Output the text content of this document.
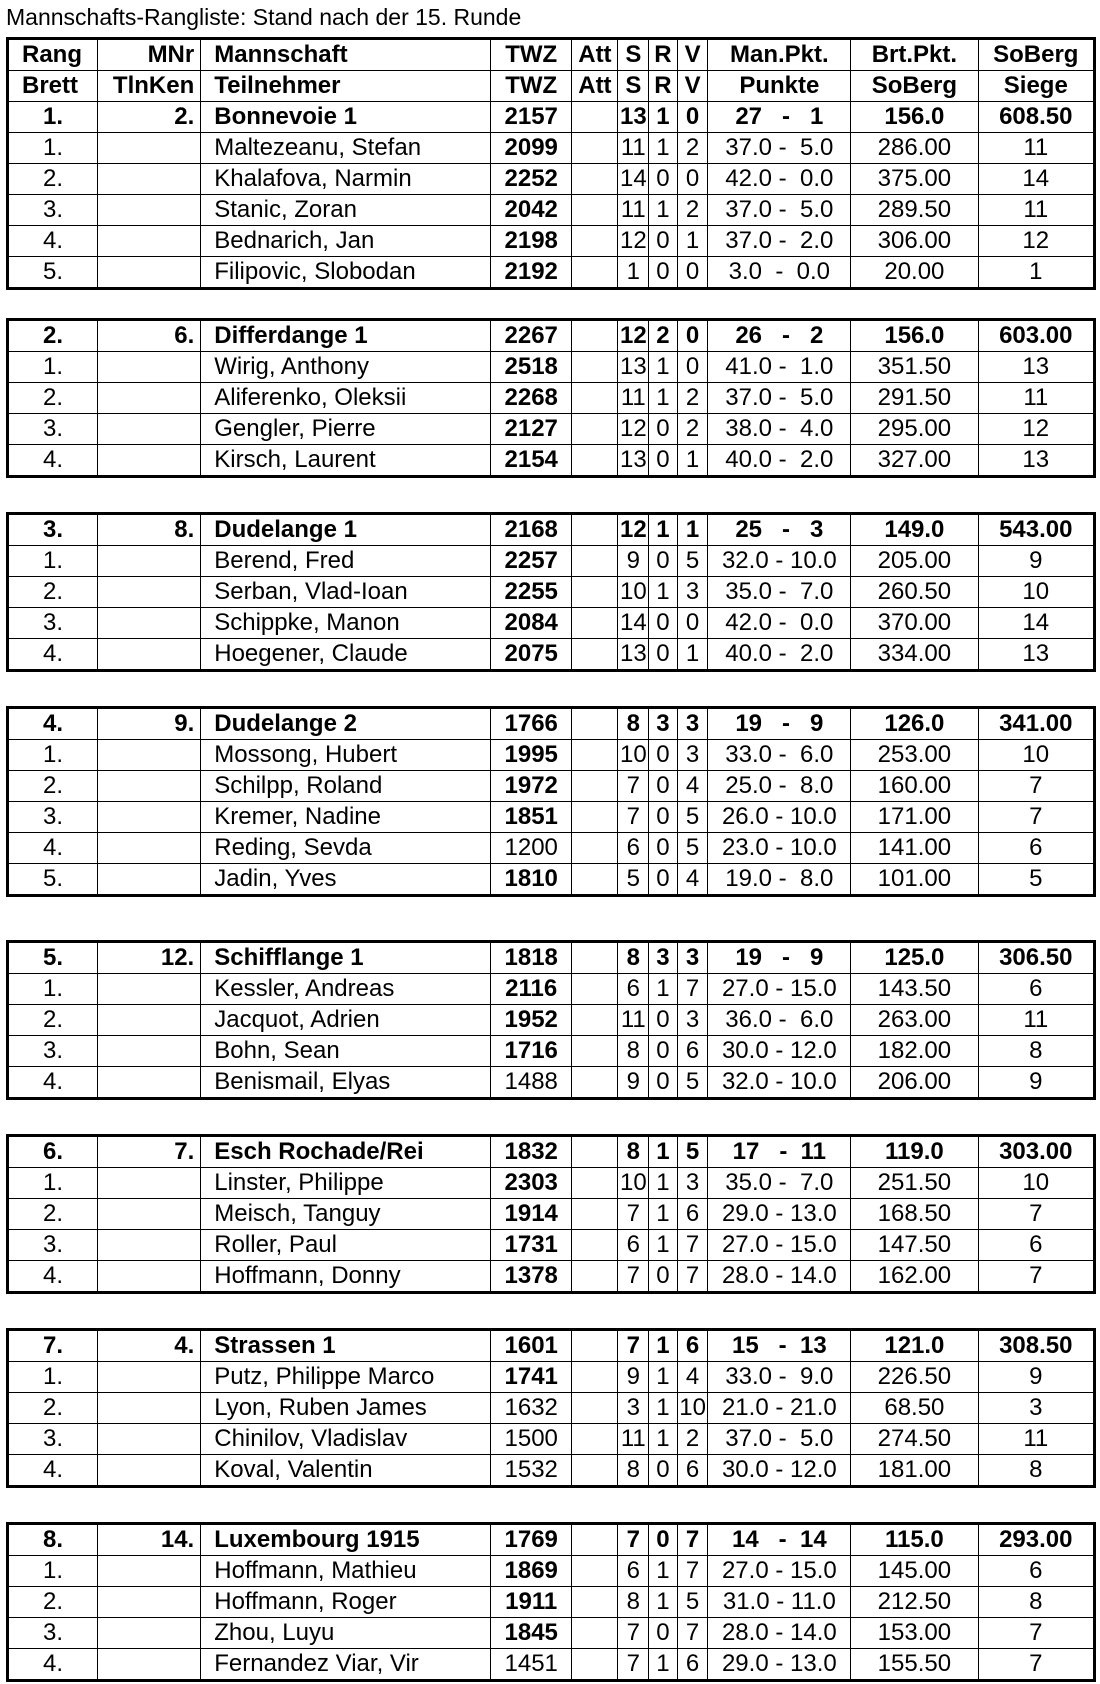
Mannschafts-Rangliste: Stand nach der 15. Runde
Rang	MNr	Mannschaft	TWZ	Att	S	R	V	Man.Pkt.	Brt.Pkt.	SoBerg
Brett	TlnKen	Teilnehmer	TWZ	Att	S	R	V	Punkte	SoBerg	Siege
1.	2.	Bonnevoie 1	2157		13	1	0	27   -   1	156.0	608.50
1.		Maltezeanu, Stefan	2099		11	1	2	37.0 -  5.0	286.00	11
2.		Khalafova, Narmin	2252		14	0	0	42.0 -  0.0	375.00	14
3.		Stanic, Zoran	2042		11	1	2	37.0 -  5.0	289.50	11
4.		Bednarich, Jan	2198		12	0	1	37.0 -  2.0	306.00	12
5.		Filipovic, Slobodan	2192		1	0	0	3.0  -  0.0	20.00	1
2.	6.	Differdange 1	2267		12	2	0	26   -   2	156.0	603.00
1.		Wirig, Anthony	2518		13	1	0	41.0 -  1.0	351.50	13
2.		Aliferenko, Oleksii	2268		11	1	2	37.0 -  5.0	291.50	11
3.		Gengler, Pierre	2127		12	0	2	38.0 -  4.0	295.00	12
4.		Kirsch, Laurent	2154		13	0	1	40.0 -  2.0	327.00	13
3.	8.	Dudelange 1	2168		12	1	1	25   -   3	149.0	543.00
1.		Berend, Fred	2257		9	0	5	32.0 - 10.0	205.00	9
2.		Serban, Vlad-Ioan	2255		10	1	3	35.0 -  7.0	260.50	10
3.		Schippke, Manon	2084		14	0	0	42.0 -  0.0	370.00	14
4.		Hoegener, Claude	2075		13	0	1	40.0 -  2.0	334.00	13
4.	9.	Dudelange 2	1766		8	3	3	19   -   9	126.0	341.00
1.		Mossong, Hubert	1995		10	0	3	33.0 -  6.0	253.00	10
2.		Schilpp, Roland	1972		7	0	4	25.0 -  8.0	160.00	7
3.		Kremer, Nadine	1851		7	0	5	26.0 - 10.0	171.00	7
4.		Reding, Sevda	1200		6	0	5	23.0 - 10.0	141.00	6
5.		Jadin, Yves	1810		5	0	4	19.0 -  8.0	101.00	5
5.	12.	Schifflange 1	1818		8	3	3	19   -   9	125.0	306.50
1.		Kessler, Andreas	2116		6	1	7	27.0 - 15.0	143.50	6
2.		Jacquot, Adrien	1952		11	0	3	36.0 -  6.0	263.00	11
3.		Bohn, Sean	1716		8	0	6	30.0 - 12.0	182.00	8
4.		Benismail, Elyas	1488		9	0	5	32.0 - 10.0	206.00	9
6.	7.	Esch Rochade/Rei	1832		8	1	5	17   -  11	119.0	303.00
1.		Linster, Philippe	2303		10	1	3	35.0 -  7.0	251.50	10
2.		Meisch, Tanguy	1914		7	1	6	29.0 - 13.0	168.50	7
3.		Roller, Paul	1731		6	1	7	27.0 - 15.0	147.50	6
4.		Hoffmann, Donny	1378		7	0	7	28.0 - 14.0	162.00	7
7.	4.	Strassen 1	1601		7	1	6	15   -  13	121.0	308.50
1.		Putz, Philippe Marco	1741		9	1	4	33.0 -  9.0	226.50	9
2.		Lyon, Ruben James	1632		3	1	10	21.0 - 21.0	68.50	3
3.		Chinilov, Vladislav	1500		11	1	2	37.0 -  5.0	274.50	11
4.		Koval, Valentin	1532		8	0	6	30.0 - 12.0	181.00	8
8.	14.	Luxembourg 1915	1769		7	0	7	14   -  14	115.0	293.00
1.		Hoffmann, Mathieu	1869		6	1	7	27.0 - 15.0	145.00	6
2.		Hoffmann, Roger	1911		8	1	5	31.0 - 11.0	212.50	8
3.		Zhou, Luyu	1845		7	0	7	28.0 - 14.0	153.00	7
4.		Fernandez Viar, Vir	1451		7	1	6	29.0 - 13.0	155.50	7
